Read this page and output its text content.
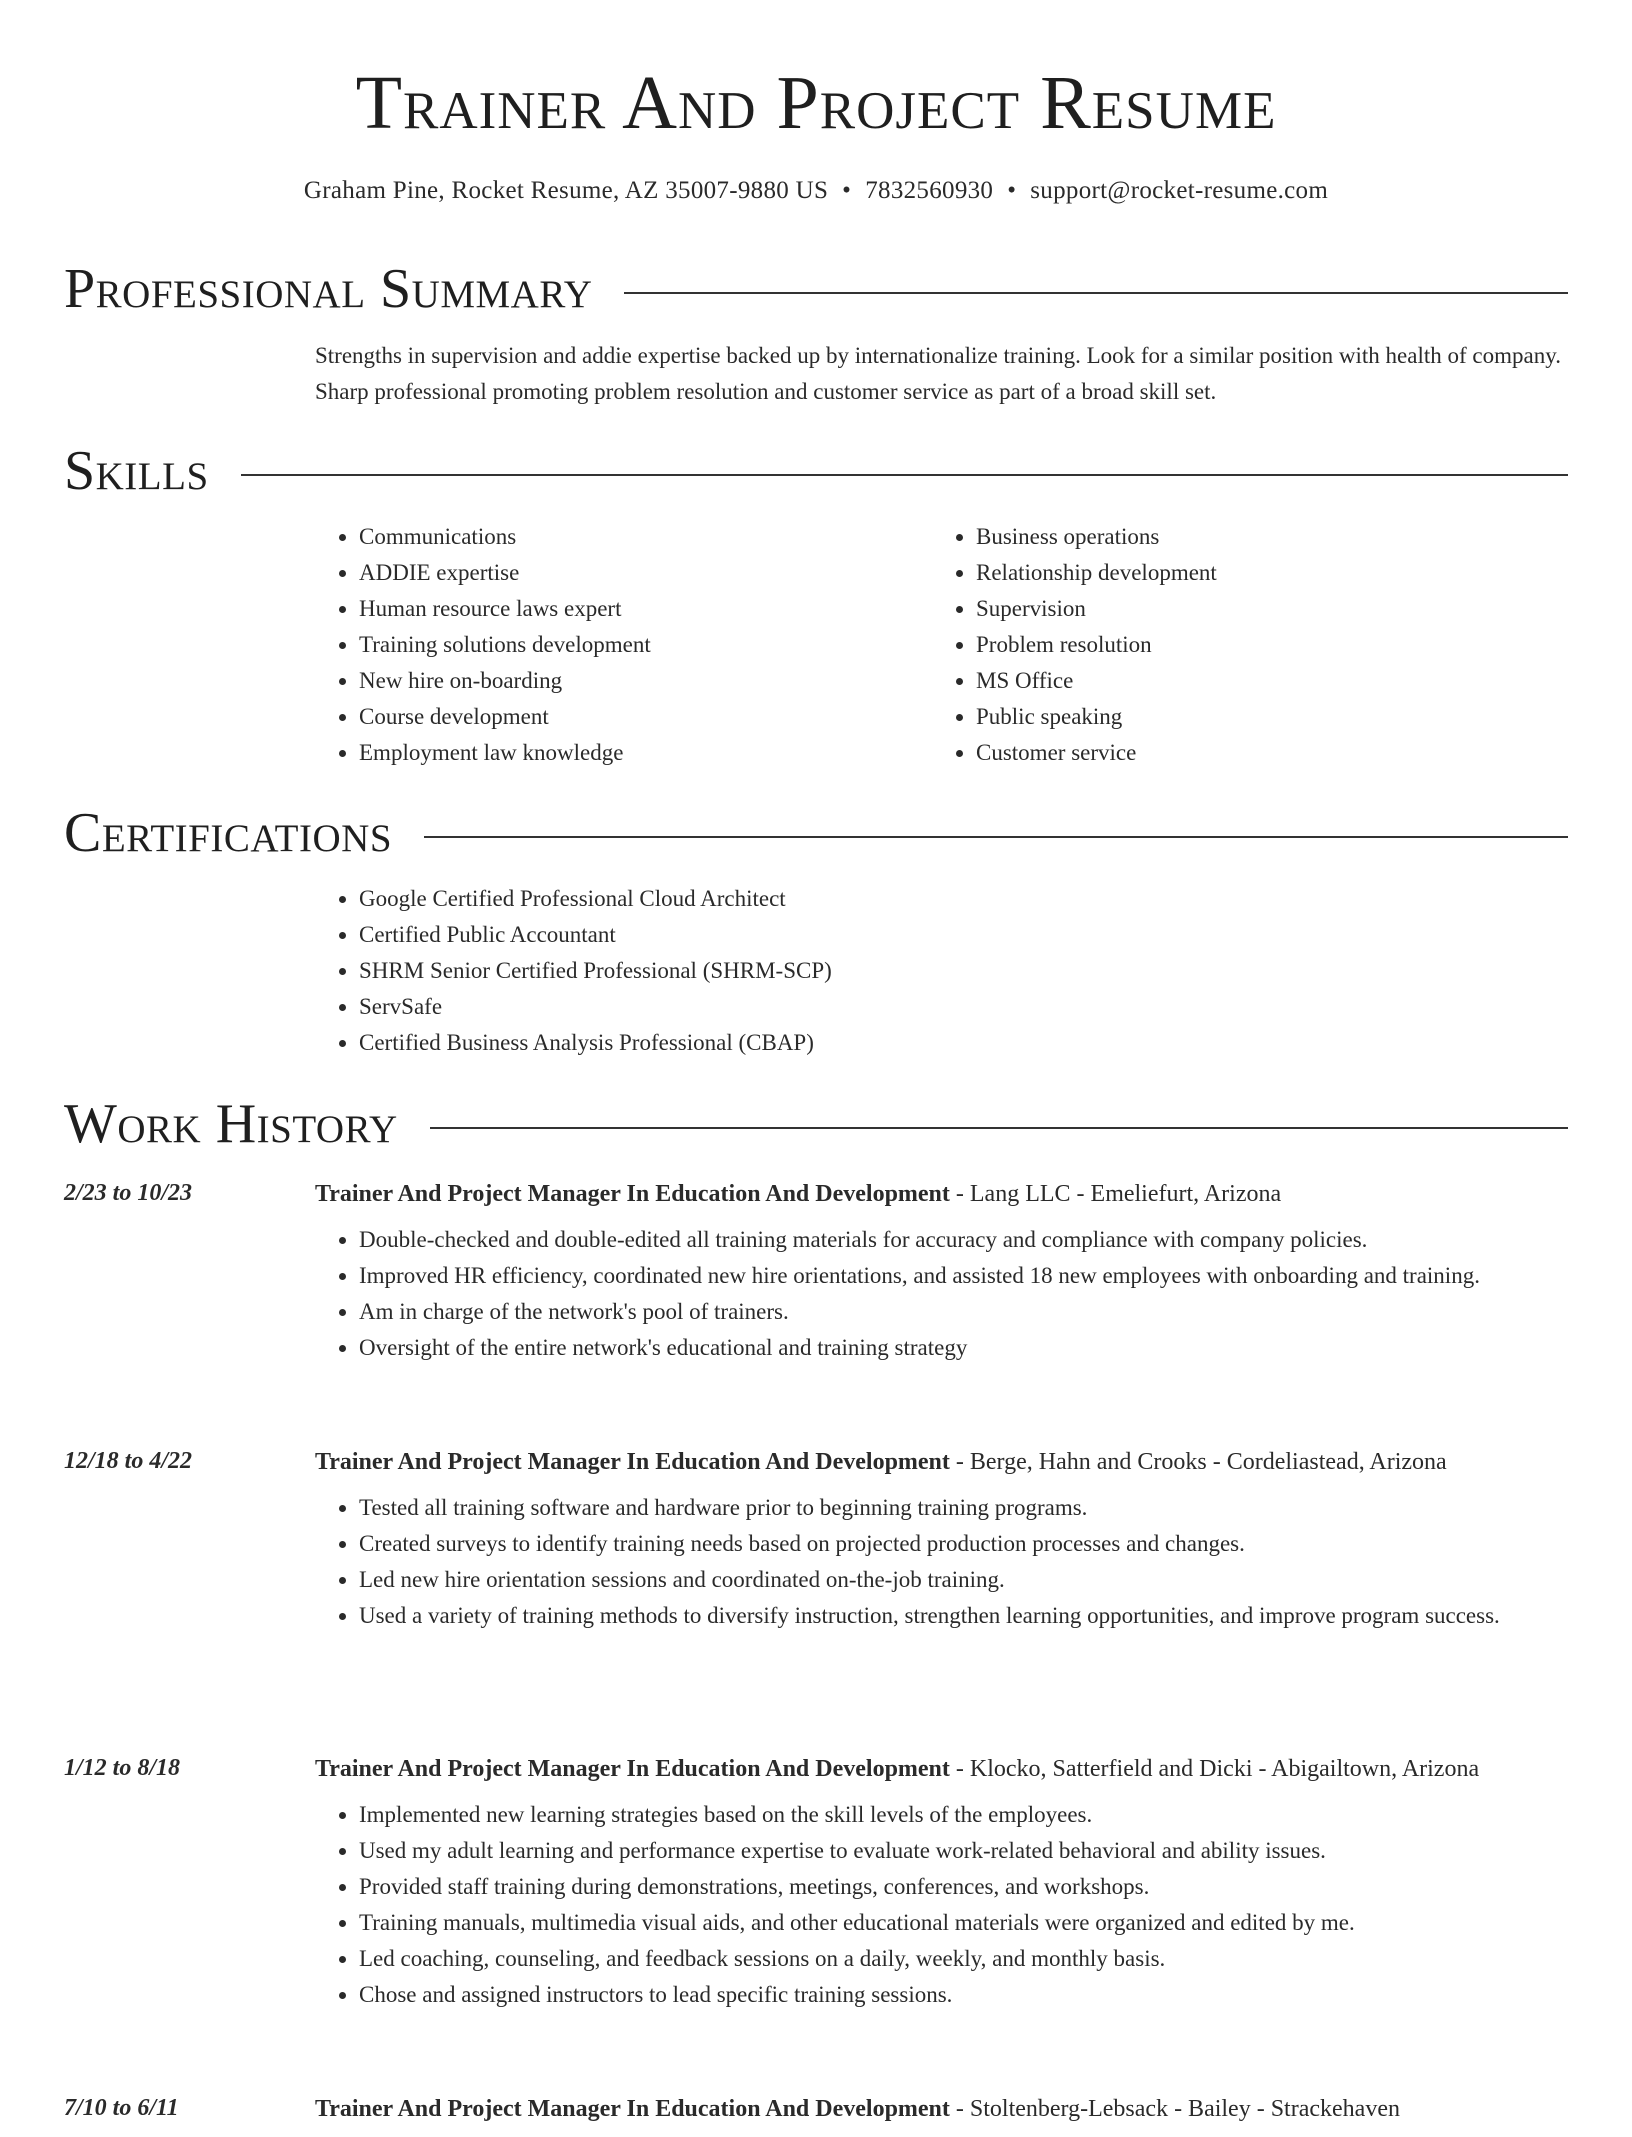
Trainer And Project Resume
Graham Pine, Rocket Resume, AZ 35007-9880 US • 7832560930 • support@rocket-resume.com
Professional Summary

Strengths in supervision and addie expertise backed up by internationalize training. Look for a similar position with health of company. Sharp professional promoting problem resolution and customer service as part of a broad skill set.

Skills
• Communications
• ADDIE expertise
• Human resource laws expert
• Training solutions development
• New hire on-boarding
• Course development
• Employment law knowledge
• Business operations
• Relationship development
• Supervision
• Problem resolution
• MS Office
• Public speaking
• Customer service
Certifications
• Google Certified Professional Cloud Architect
• Certified Public Accountant
• SHRM Senior Certified Professional (SHRM-SCP)
• ServSafe
• Certified Business Analysis Professional (CBAP)
Work History
2/23 to 10/23	Trainer And Project Manager In Education And Development - Lang LLC - Emeliefurt, Arizona

• Double-checked and double-edited all training materials for accuracy and compliance with company policies.
• Improved HR efficiency, coordinated new hire orientations, and assisted 18 new employees with onboarding and training.
• Am in charge of the network's pool of trainers.
• Oversight of the entire network's educational and training strategy
12/18 to 4/22	Trainer And Project Manager In Education And Development - Berge, Hahn and Crooks - Cordeliastead, Arizona

• Tested all training software and hardware prior to beginning training programs.
• Created surveys to identify training needs based on projected production processes and changes.
• Led new hire orientation sessions and coordinated on-the-job training.
• Used a variety of training methods to diversify instruction, strengthen learning opportunities, and improve program success.
1/12 to 8/18	Trainer And Project Manager In Education And Development - Klocko, Satterfield and Dicki - Abigailtown, Arizona

• Implemented new learning strategies based on the skill levels of the employees.
• Used my adult learning and performance expertise to evaluate work-related behavioral and ability issues.
• Provided staff training during demonstrations, meetings, conferences, and workshops.
• Training manuals, multimedia visual aids, and other educational materials were organized and edited by me.
• Led coaching, counseling, and feedback sessions on a daily, weekly, and monthly basis.
• Chose and assigned instructors to lead specific training sessions.
7/10 to 6/11	Trainer And Project Manager In Education And Development - Stoltenberg-Lebsack - Bailey - Strackehaven
